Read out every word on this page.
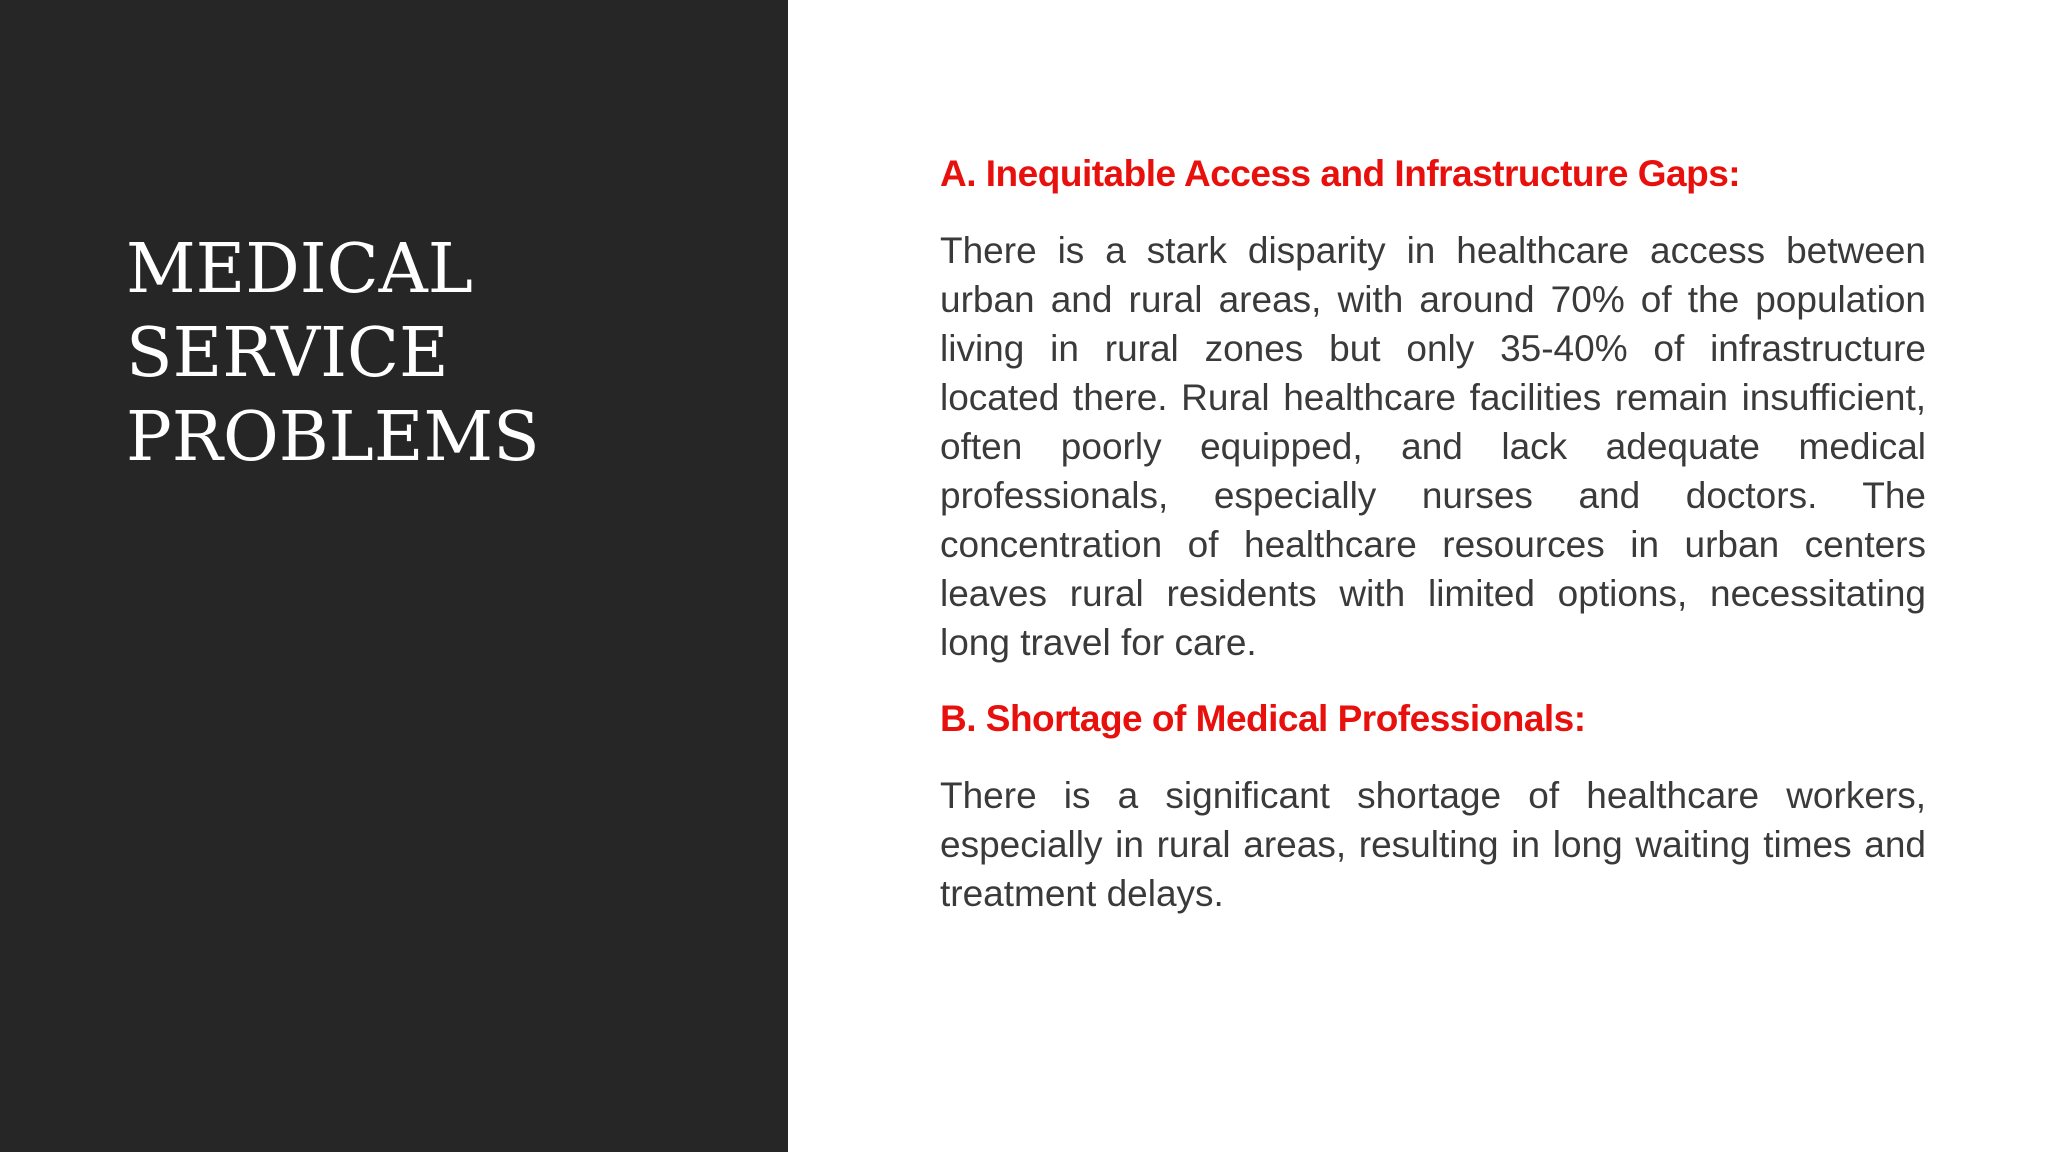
MEDICAL
SERVICE
PROBLEMS
A. Inequitable Access and Infrastructure Gaps:

There is a stark disparity in healthcare access between urban and rural areas, with around 70% of the population living in rural zones but only 35-40% of infrastructure located there. Rural healthcare facilities remain insufficient, often poorly equipped, and lack adequate medical professionals, especially nurses and doctors. The concentration of healthcare resources in urban centers leaves rural residents with limited options, necessitating long travel for care.

B. Shortage of Medical Professionals:

There is a significant shortage of healthcare workers, especially in rural areas, resulting in long waiting times and treatment delays.
